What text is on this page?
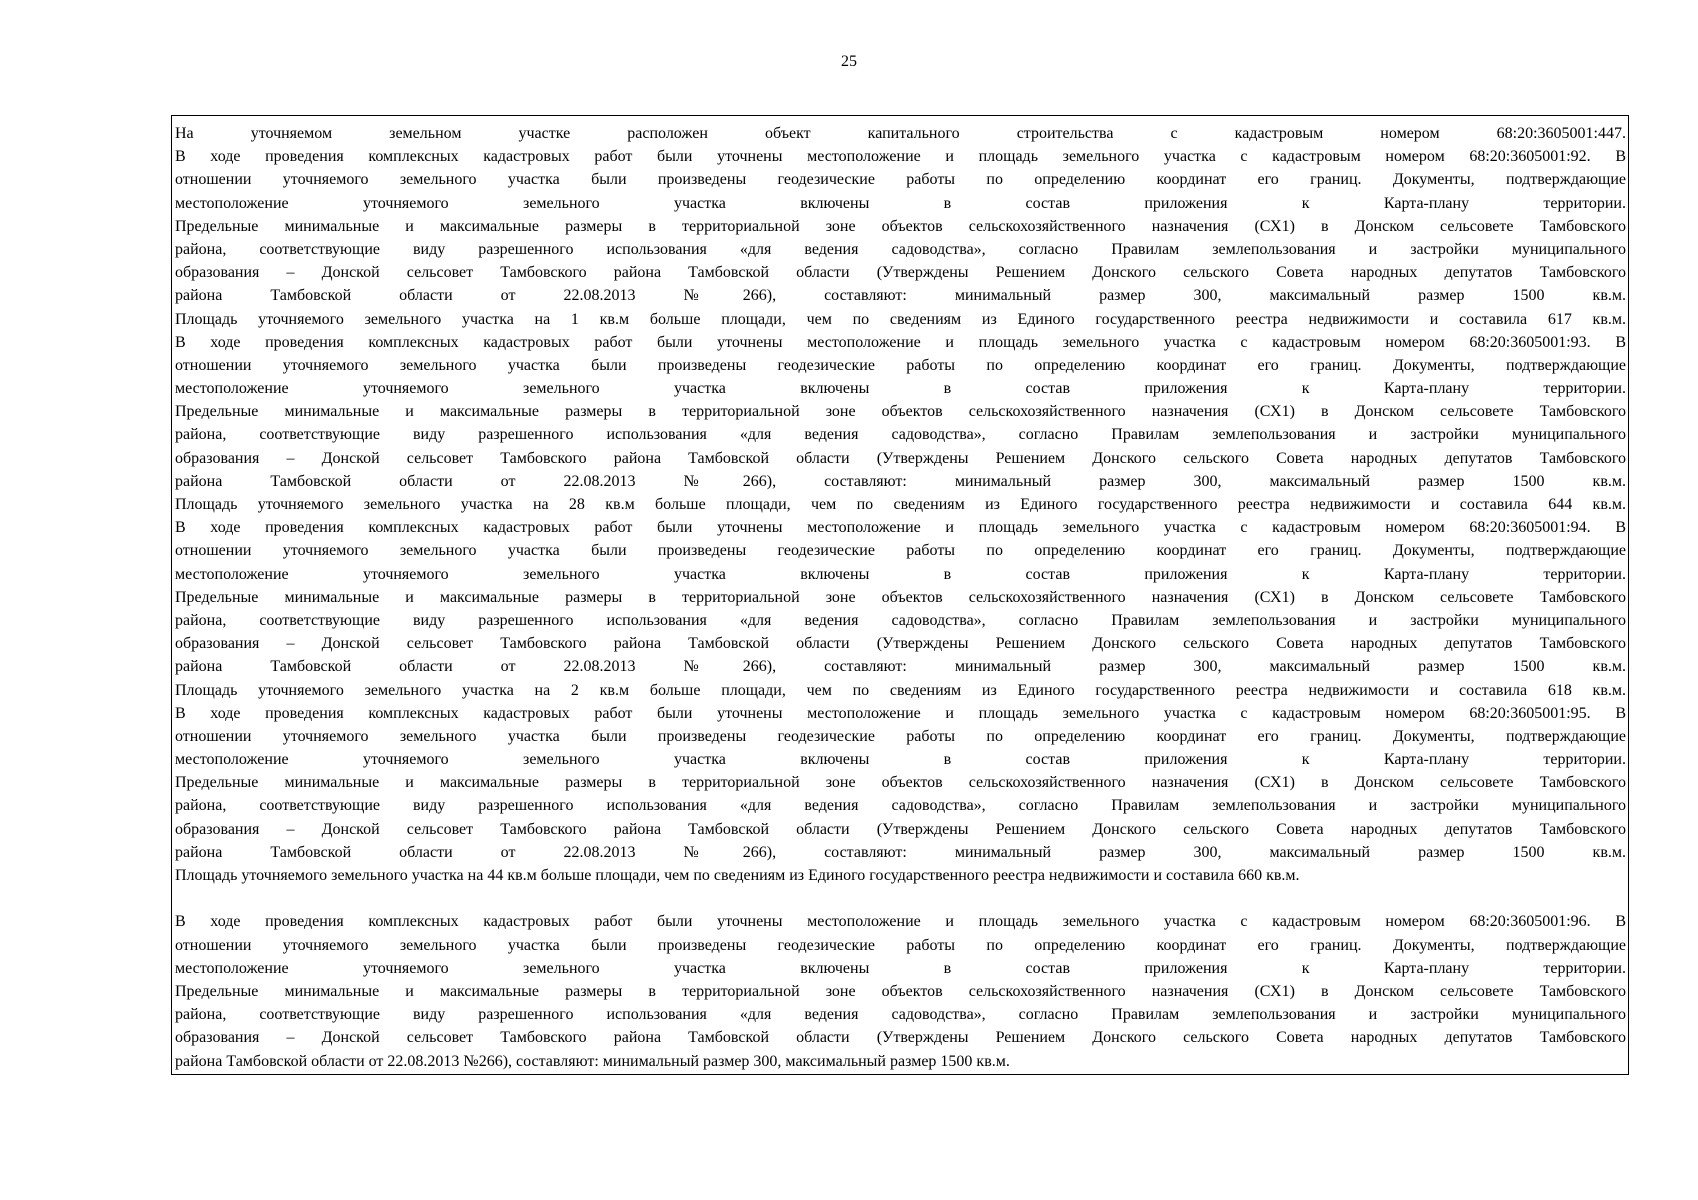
25
На уточняемом земельном участке расположен объект капитального строительства с кадастровым номером 68:20:3605001:447.
В ходе проведения комплексных кадастровых работ были уточнены местоположение и площадь земельного участка с кадастровым номером 68:20:3605001:92. В
отношении уточняемого земельного участка были произведены геодезические работы по определению координат его границ. Документы, подтверждающие
местоположение уточняемого земельного участка включены в состав приложения к Карта-плану территории.
Предельные минимальные и максимальные размеры в территориальной зоне объектов сельскохозяйственного назначения (СХ1) в Донском сельсовете Тамбовского
района, соответствующие виду разрешенного использования «для ведения садоводства», согласно Правилам землепользования и застройки муниципального
образования – Донской сельсовет Тамбовского района Тамбовской области (Утверждены Решением Донского сельского Совета народных депутатов Тамбовского
района Тамбовской области от 22.08.2013 №266), составляют: минимальный размер 300, максимальный размер 1500 кв.м.
Площадь уточняемого земельного участка на 1 кв.м больше площади, чем по сведениям из Единого государственного реестра недвижимости и составила 617 кв.м.
В ходе проведения комплексных кадастровых работ были уточнены местоположение и площадь земельного участка с кадастровым номером 68:20:3605001:93. В
отношении уточняемого земельного участка были произведены геодезические работы по определению координат его границ. Документы, подтверждающие
местоположение уточняемого земельного участка включены в состав приложения к Карта-плану территории.
Предельные минимальные и максимальные размеры в территориальной зоне объектов сельскохозяйственного назначения (СХ1) в Донском сельсовете Тамбовского
района, соответствующие виду разрешенного использования «для ведения садоводства», согласно Правилам землепользования и застройки муниципального
образования – Донской сельсовет Тамбовского района Тамбовской области (Утверждены Решением Донского сельского Совета народных депутатов Тамбовского
района Тамбовской области от 22.08.2013 №266), составляют: минимальный размер 300, максимальный размер 1500 кв.м.
Площадь уточняемого земельного участка на 28 кв.м больше площади, чем по сведениям из Единого государственного реестра недвижимости и составила 644 кв.м.
В ходе проведения комплексных кадастровых работ были уточнены местоположение и площадь земельного участка с кадастровым номером 68:20:3605001:94. В
отношении уточняемого земельного участка были произведены геодезические работы по определению координат его границ. Документы, подтверждающие
местоположение уточняемого земельного участка включены в состав приложения к Карта-плану территории.
Предельные минимальные и максимальные размеры в территориальной зоне объектов сельскохозяйственного назначения (СХ1) в Донском сельсовете Тамбовского
района, соответствующие виду разрешенного использования «для ведения садоводства», согласно Правилам землепользования и застройки муниципального
образования – Донской сельсовет Тамбовского района Тамбовской области (Утверждены Решением Донского сельского Совета народных депутатов Тамбовского
района Тамбовской области от 22.08.2013 №266), составляют: минимальный размер 300, максимальный размер 1500 кв.м.
Площадь уточняемого земельного участка на 2 кв.м больше площади, чем по сведениям из Единого государственного реестра недвижимости и составила 618 кв.м.
В ходе проведения комплексных кадастровых работ были уточнены местоположение и площадь земельного участка с кадастровым номером 68:20:3605001:95. В
отношении уточняемого земельного участка были произведены геодезические работы по определению координат его границ. Документы, подтверждающие
местоположение уточняемого земельного участка включены в состав приложения к Карта-плану территории.
Предельные минимальные и максимальные размеры в территориальной зоне объектов сельскохозяйственного назначения (СХ1) в Донском сельсовете Тамбовского
района, соответствующие виду разрешенного использования «для ведения садоводства», согласно Правилам землепользования и застройки муниципального
образования – Донской сельсовет Тамбовского района Тамбовской области (Утверждены Решением Донского сельского Совета народных депутатов Тамбовского
района Тамбовской области от 22.08.2013 №266), составляют: минимальный размер 300, максимальный размер 1500 кв.м.
Площадь уточняемого земельного участка на 44 кв.м больше площади, чем по сведениям из Единого государственного реестра недвижимости и составила 660 кв.м.
В ходе проведения комплексных кадастровых работ были уточнены местоположение и площадь земельного участка с кадастровым номером 68:20:3605001:96. В
отношении уточняемого земельного участка были произведены геодезические работы по определению координат его границ. Документы, подтверждающие
местоположение уточняемого земельного участка включены в состав приложения к Карта-плану территории.
Предельные минимальные и максимальные размеры в территориальной зоне объектов сельскохозяйственного назначения (СХ1) в Донском сельсовете Тамбовского
района, соответствующие виду разрешенного использования «для ведения садоводства», согласно Правилам землепользования и застройки муниципального
образования – Донской сельсовет Тамбовского района Тамбовской области (Утверждены Решением Донского сельского Совета народных депутатов Тамбовского
района Тамбовской области от 22.08.2013 №266), составляют: минимальный размер 300, максимальный размер 1500 кв.м.
